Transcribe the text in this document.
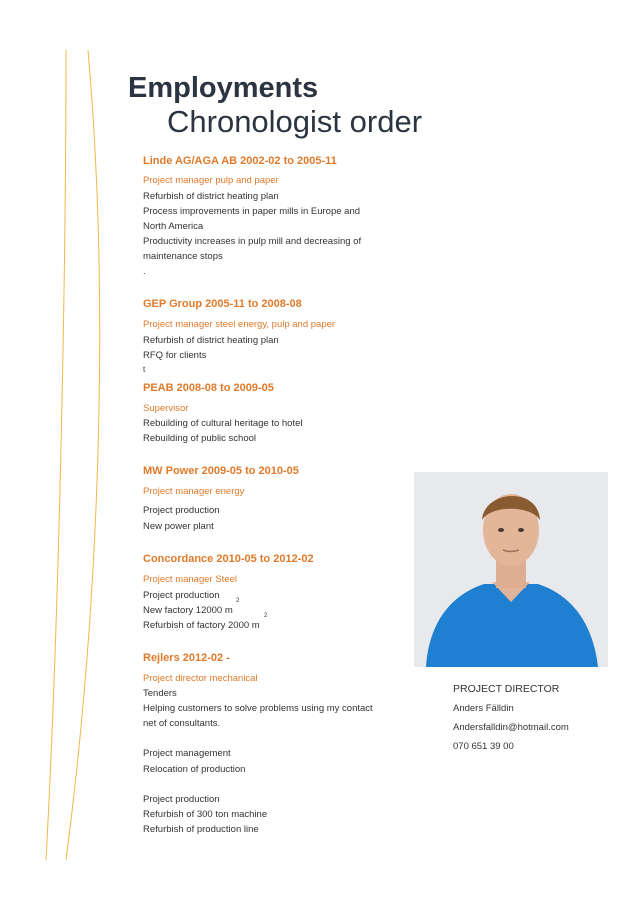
Employments
Chronologist order
Linde AG/AGA AB 2002-02 to 2005-11
Project manager pulp and paper
Refurbish of district heating plan
Process improvements in paper mills in Europe and
North America
Productivity increases in pulp mill and decreasing of
maintenance stops
.
GEP Group 2005-11 to 2008-08
Project manager steel energy, pulp and paper
Refurbish of district heating plan
RFQ for clients
t
PEAB 2008-08 to 2009-05
Supervisor
Rebuilding of cultural heritage to hotel
Rebuilding of public school
MW Power 2009-05 to 2010-05
Project manager energy
Project production
New power plant
Concordance 2010-05 to 2012-02
Project manager Steel
Project production
New factory 12000 m
2
Refurbish of factory 2000 m
2
Rejlers 2012-02 -
Project director mechanical
Tenders
Helping customers to solve problems using my contact
net of consultants.
Project management
Relocation of production
Project production
Refurbish of 300 ton machine
Refurbish of production line
PROJECT DIRECTOR
Anders Fälldin
Andersfalldin@hotmail.com
070 651 39 00
